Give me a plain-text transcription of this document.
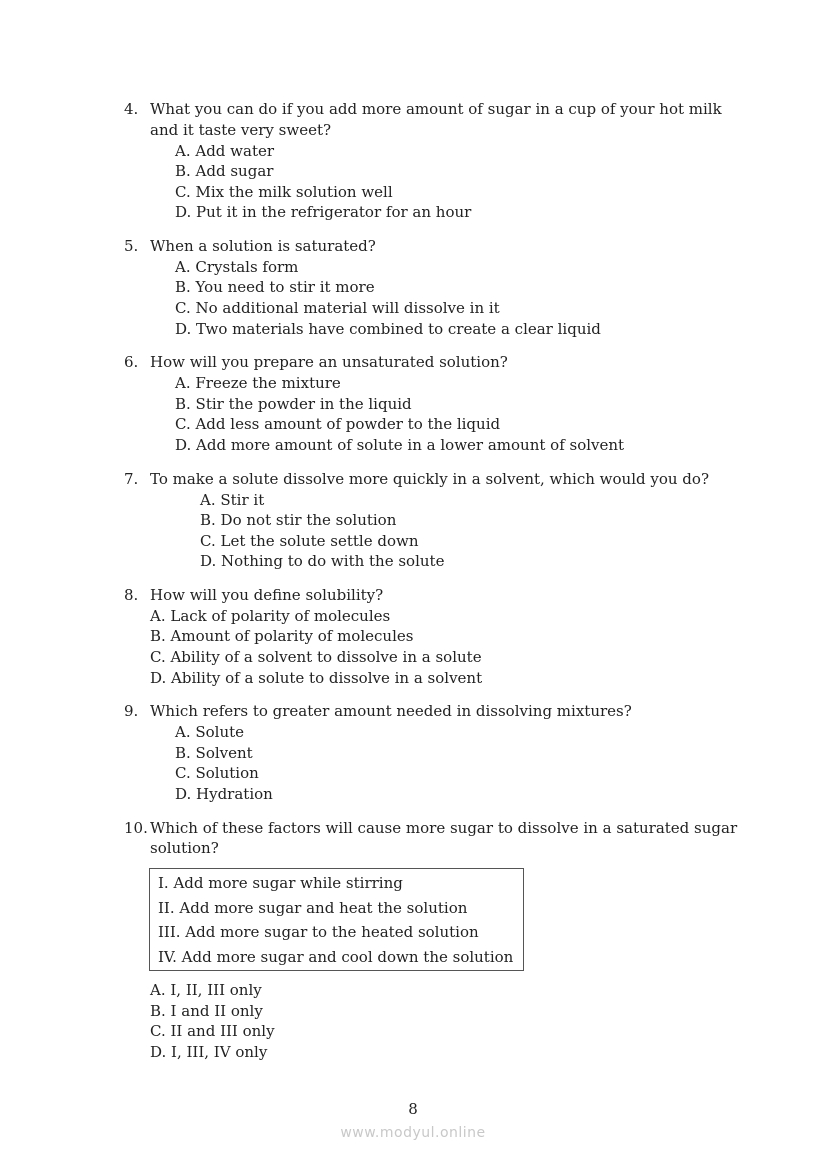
4. What you can do if you add more amount of sugar in a cup of your hot milk
and it taste very sweet?
A. Add water
B. Add sugar
C. Mix the milk solution well
D. Put it in the refrigerator for an hour
5. When a solution is saturated?
A. Crystals form
B. You need to stir it more
C. No additional material will dissolve in it
D. Two materials have combined to create a clear liquid
6. How will you prepare an unsaturated solution?
A. Freeze the mixture
B. Stir the powder in the liquid
C. Add less amount of powder to the liquid
D. Add more amount of solute in a lower amount of solvent
7. To make a solute dissolve more quickly in a solvent, which would you do?
A. Stir it
B. Do not stir the solution
C. Let the solute settle down
D. Nothing to do with the solute
8. How will you define solubility?
A. Lack of polarity of molecules
B. Amount of polarity of molecules
C. Ability of a solvent to dissolve in a solute
D. Ability of a solute to dissolve in a solvent
9. Which refers to greater amount needed in dissolving mixtures?
A. Solute
B. Solvent
C. Solution
D. Hydration
10. Which of these factors will cause more sugar to dissolve in a saturated sugar
solution?
I. Add more sugar while stirring
II. Add more sugar and heat the solution
III. Add more sugar to the heated solution
IV. Add more sugar and cool down the solution
A. I, II, III only
B. I and II only
C. II and III only
D. I, III, IV only
8
www.modyul.online
